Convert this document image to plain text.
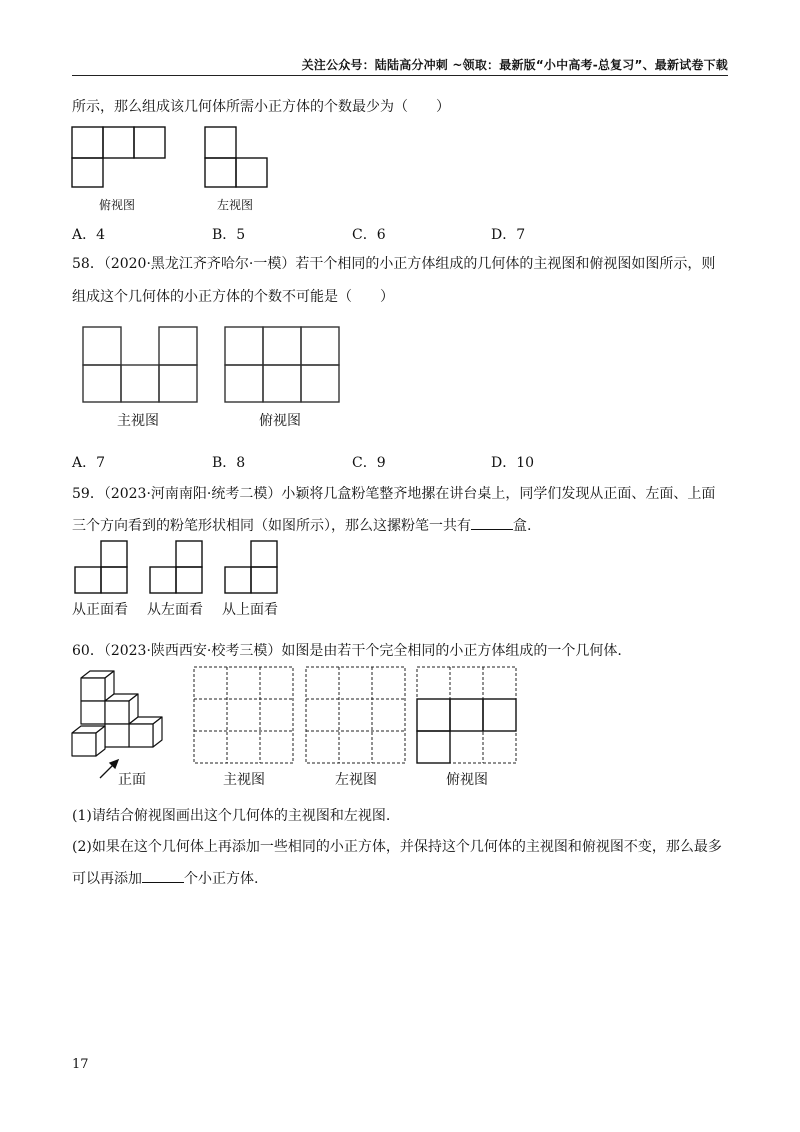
关注公众号：陆陆高分冲刺 ~领取：最新版“小中高考-总复习”、最新试卷下载
所示，那么组成该几何体所需小正方体的个数最少为（　　）
俯视图	左视图
A．4	B．5	C．6	D．7
58．（2020·黑龙江齐齐哈尔·一模）若干个相同的小正方体组成的几何体的主视图和俯视图如图所示，则
组成这个几何体的小正方体的个数不可能是（　　）
主视图	俯视图
A．7	B．8	C．9	D．10
59．（2023·河南南阳·统考二模）小颖将几盒粉笔整齐地摞在讲台桌上，同学们发现从正面、左面、上面
三个方向看到的粉笔形状相同（如图所示），那么这摞粉笔一共有	盒.
从正面看 从左面看 从上面看
60．（2023·陕西西安·校考三模）如图是由若干个完全相同的小正方体组成的一个几何体.
正面	主视图	左视图	俯视图
(1)请结合俯视图画出这个几何体的主视图和左视图.
(2)如果在这个几何体上再添加一些相同的小正方体，并保持这个几何体的主视图和俯视图不变，那么最多
可以再添加	个小正方体.
17
